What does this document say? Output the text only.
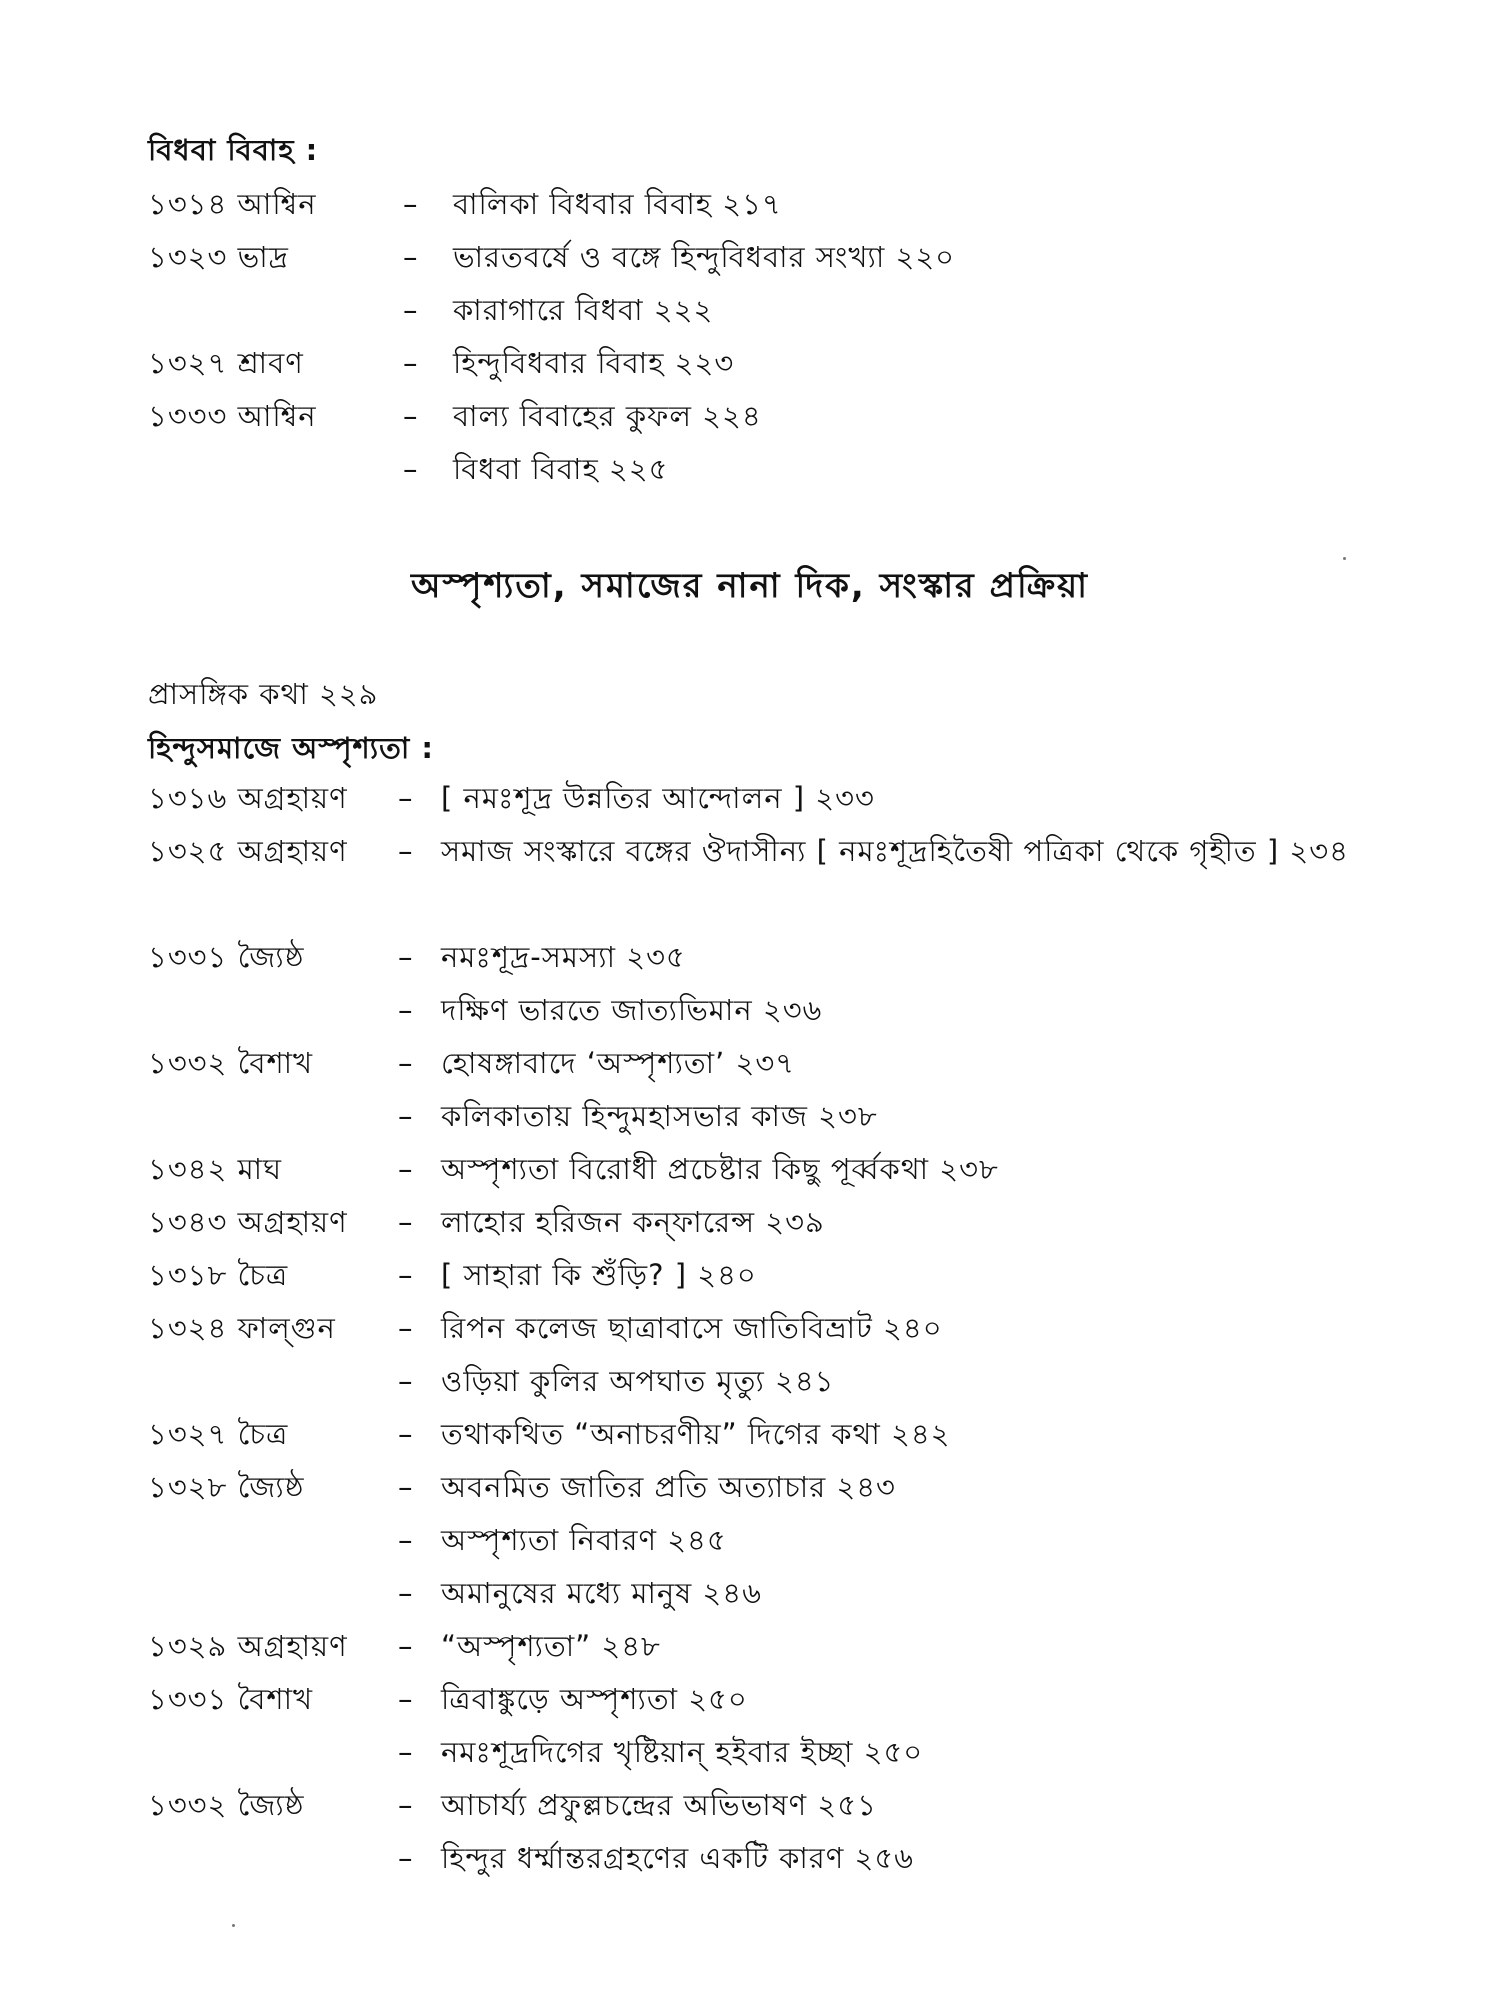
বিধবা বিবাহ :
১৩১৪ আশ্বিন	– বালিকা বিধবার বিবাহ ২১৭
১৩২৩ ভাদ্র	– ভারতবর্ষে ও বঙ্গে হিন্দুবিধবার সংখ্যা ২২০
– কারাগারে বিধবা ২২২
১৩২৭ শ্রাবণ	– হিন্দুবিধবার বিবাহ ২২৩
১৩৩৩ আশ্বিন	– বাল্য বিবাহের কুফল ২২৪
– বিধবা বিবাহ ২২৫
অস্পৃশ্যতা, সমাজের নানা দিক, সংস্কার প্রক্রিয়া
প্রাসঙ্গিক কথা ২২৯
হিন্দুসমাজে অস্পৃশ্যতা :
১৩১৬ অগ্রহায়ণ – [ নমঃশূদ্র উন্নতির আন্দোলন ] ২৩৩
১৩২৫ অগ্রহায়ণ – সমাজ সংস্কারে বঙ্গের ঔদাসীন্য [ নমঃশূদ্রহিতৈষী পত্রিকা থেকে গৃহীত ] ২৩৪
১৩৩১ জ্যৈষ্ঠ	– নমঃশূদ্র-সমস্যা ২৩৫
– দক্ষিণ ভারতে জাত্যভিমান ২৩৬
১৩৩২ বৈশাখ	– হোষঙ্গাবাদে ‘অস্পৃশ্যতা’ ২৩৭
– কলিকাতায় হিন্দুমহাসভার কাজ ২৩৮
১৩৪২ মাঘ	– অস্পৃশ্যতা বিরোধী প্রচেষ্টার কিছু পূর্ব্বকথা ২৩৮
১৩৪৩ অগ্রহায়ণ – লাহোর হরিজন কন্‌ফারেন্স ২৩৯
১৩১৮ চৈত্র	– [ সাহারা কি শুঁড়ি? ] ২৪০
১৩২৪ ফাল্গুন – রিপন কলেজ ছাত্রাবাসে জাতিবিভ্রাট ২৪০
– ওড়িয়া কুলির অপঘাত মৃত্যু ২৪১
১৩২৭ চৈত্র	– তথাকথিত “অনাচরণীয়” দিগের কথা ২৪২
১৩২৮ জ্যৈষ্ঠ	– অবনমিত জাতির প্রতি অত্যাচার ২৪৩
– অস্পৃশ্যতা নিবারণ ২৪৫
– অমানুষের মধ্যে মানুষ ২৪৬
১৩২৯ অগ্রহায়ণ – “অস্পৃশ্যতা” ২৪৮
১৩৩১ বৈশাখ	– ত্রিবাঙ্কুড়ে অস্পৃশ্যতা ২৫০
– নমঃশূদ্রদিগের খৃষ্টিয়ান্ হইবার ইচ্ছা ২৫০
১৩৩২ জ্যৈষ্ঠ	– আচার্য্য প্রফুল্লচন্দ্রের অভিভাষণ ২৫১
– হিন্দুর ধর্ম্মান্তরগ্রহণের একটি কারণ ২৫৬
